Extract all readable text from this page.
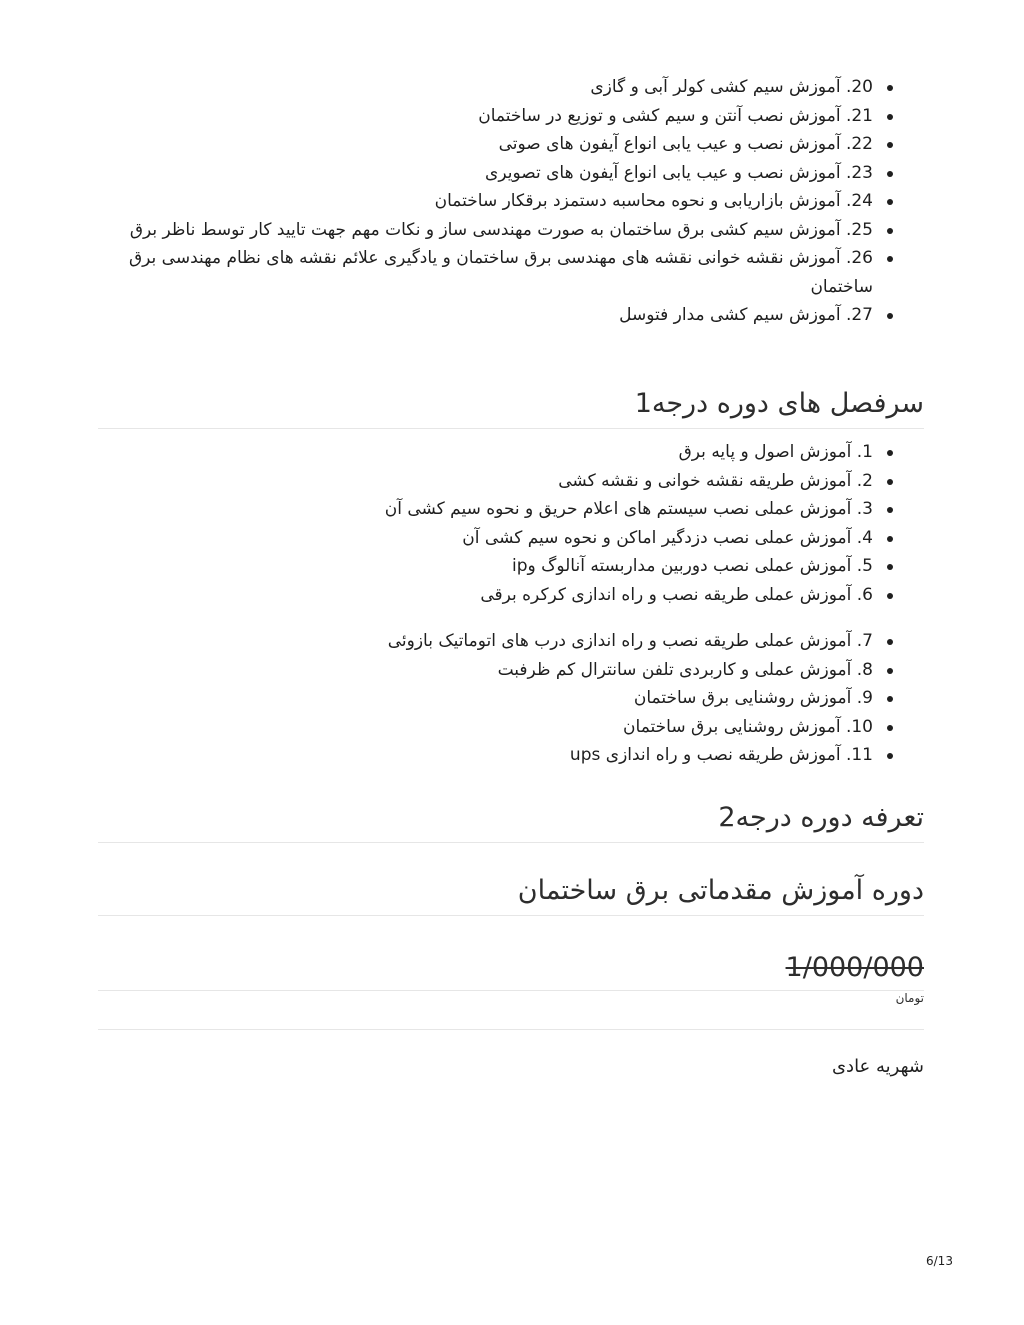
20. آموزش سیم کشی کولر آبی و گازی
21. آموزش نصب آنتن و سیم کشی و توزیع در ساختمان
22. آموزش نصب و عیب یابی انواع آیفون های صوتی
23. آموزش نصب و عیب یابی انواع آیفون های تصویری
24. آموزش بازاریابی و نحوه محاسبه دستمزد برقکار ساختمان
25. آموزش سیم کشی برق ساختمان به صورت مهندسی ساز و نکات مهم جهت تایید کار توسط ناظر برق
26. آموزش نقشه خوانی نقشه های مهندسی برق ساختمان و یادگیری علائم نقشه های نظام مهندسی برق ساختمان
27. آموزش سیم کشی مدار فتوسل
سرفصل های دوره درجه1
1. آموزش اصول و پایه برق
2. آموزش طریقه نقشه خوانی و نقشه کشی
3. آموزش عملی نصب سیستم های اعلام حریق و نحوه سیم کشی آن
4. آموزش عملی نصب دزدگیر اماکن و نحوه سیم کشی آن
5. آموزش عملی نصب دوربین مداربسته آنالوگ وip
6. آموزش عملی طریقه نصب و راه اندازی کرکره برقی
7. آموزش عملی طریقه نصب و راه اندازی درب های اتوماتیک بازوئی
8. آموزش عملی و کاربردی تلفن سانترال کم ظرفبت
9. آموزش روشنایی برق ساختمان
10. آموزش روشنایی برق ساختمان
11. آموزش طریقه نصب و راه اندازی ups
تعرفه دوره درجه2
دوره آموزش مقدماتی برق ساختمان
1/000/000
تومان
شهریه عادی
6/13
